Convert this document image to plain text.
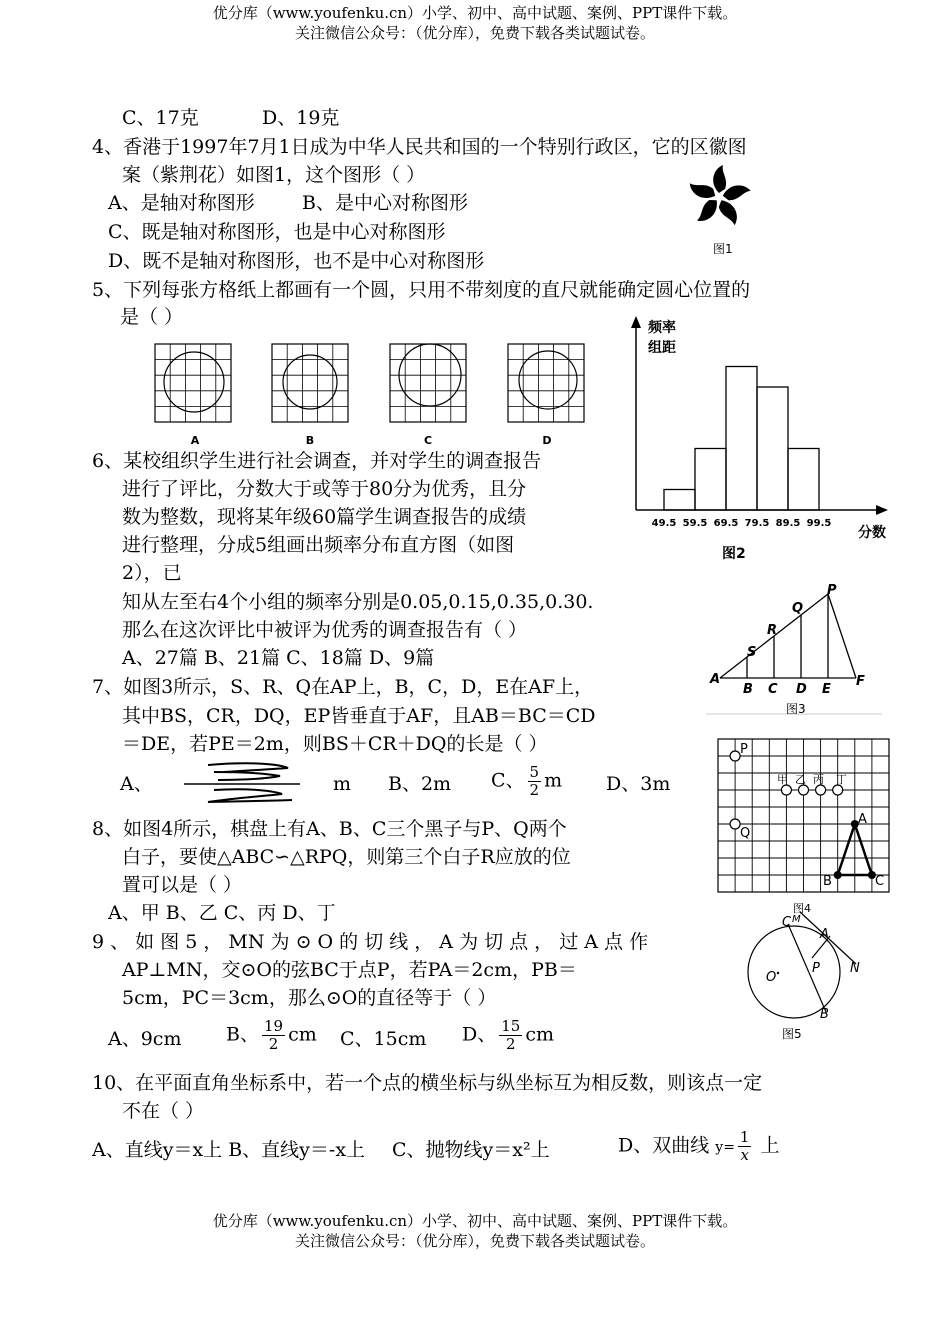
优分库（www.youfenku.cn）小学、初中、高中试题、案例、PPT课件下载。
关注微信公众号：（优分库），免费下载各类试题试卷。
C、17克	D、19克
4、香港于1997年7月1日成为中华人民共和国的一个特别行政区，它的区徽图
案（紫荆花）如图1，这个图形（ ）
A、是轴对称图形 B、是中心对称图形
C、既是轴对称图形，也是中心对称图形
D、既不是轴对称图形，也不是中心对称图形
图1
5、下列每张方格纸上都画有一个圆，只用不带刻度的直尺就能确定圆心位置的
是（ ）
A	B	C	D
频率
组距
49.5 59.5 69.5 79.5 89.5 99.5
分数
图2
6、某校组织学生进行社会调查，并对学生的调查报告
进行了评比，分数大于或等于80分为优秀，且分
数为整数，现将某年级60篇学生调查报告的成绩
进行整理，分成5组画出频率分布直方图（如图
2），已
知从左至右4个小组的频率分别是0.05,0.15,0.35,0.30.
那么在这次评比中被评为优秀的调查报告有（ ）
A、27篇 B、21篇 C、18篇 D、9篇
P
Q
R
S
A
B C D E
F
图3
7、如图3所示，S、R、Q在AP上，B，C，D，E在AF上，
其中BS，CR，DQ，EP皆垂直于AF，且AB＝BC＝CD
＝DE，若PE＝2m，则BS＋CR＋DQ的长是（ ）
A、	m B、2m C、 $\frac{5}{2}$ m D、3m
P
Q
A
B	C
甲 乙 丙 丁
图4
8、如图4所示，棋盘上有A、B、C三个黑子与P、Q两个
白子，要使△ABC∽△RPQ，则第三个白子R应放的位
置可以是（ ）
A、甲 B、乙 C、丙 D、丁	C M
A
P N
O
B
图5
9 、 如 图 5 ， MN 为 ⊙ O 的 切 线 ， A 为 切 点 ， 过 A 点 作
AP⊥MN，交⊙O的弦BC于点P，若PA＝2cm，PB＝
5cm，PC＝3cm，那么⊙O的直径等于（ ）
A、9cm B、 $\frac{19}{2}$ cm C、15cm D、 $\frac{15}{2}$ cm
10、在平面直角坐标系中，若一个点的横坐标与纵坐标互为相反数，则该点一定
不在（ ）
A、直线y＝x上 B、直线y＝-x上 C、抛物线y＝x²上	D、双曲线 $y= \frac{1}{x}$ 上
优分库（www.youfenku.cn）小学、初中、高中试题、案例、PPT课件下载。
关注微信公众号：（优分库），免费下载各类试题试卷。
